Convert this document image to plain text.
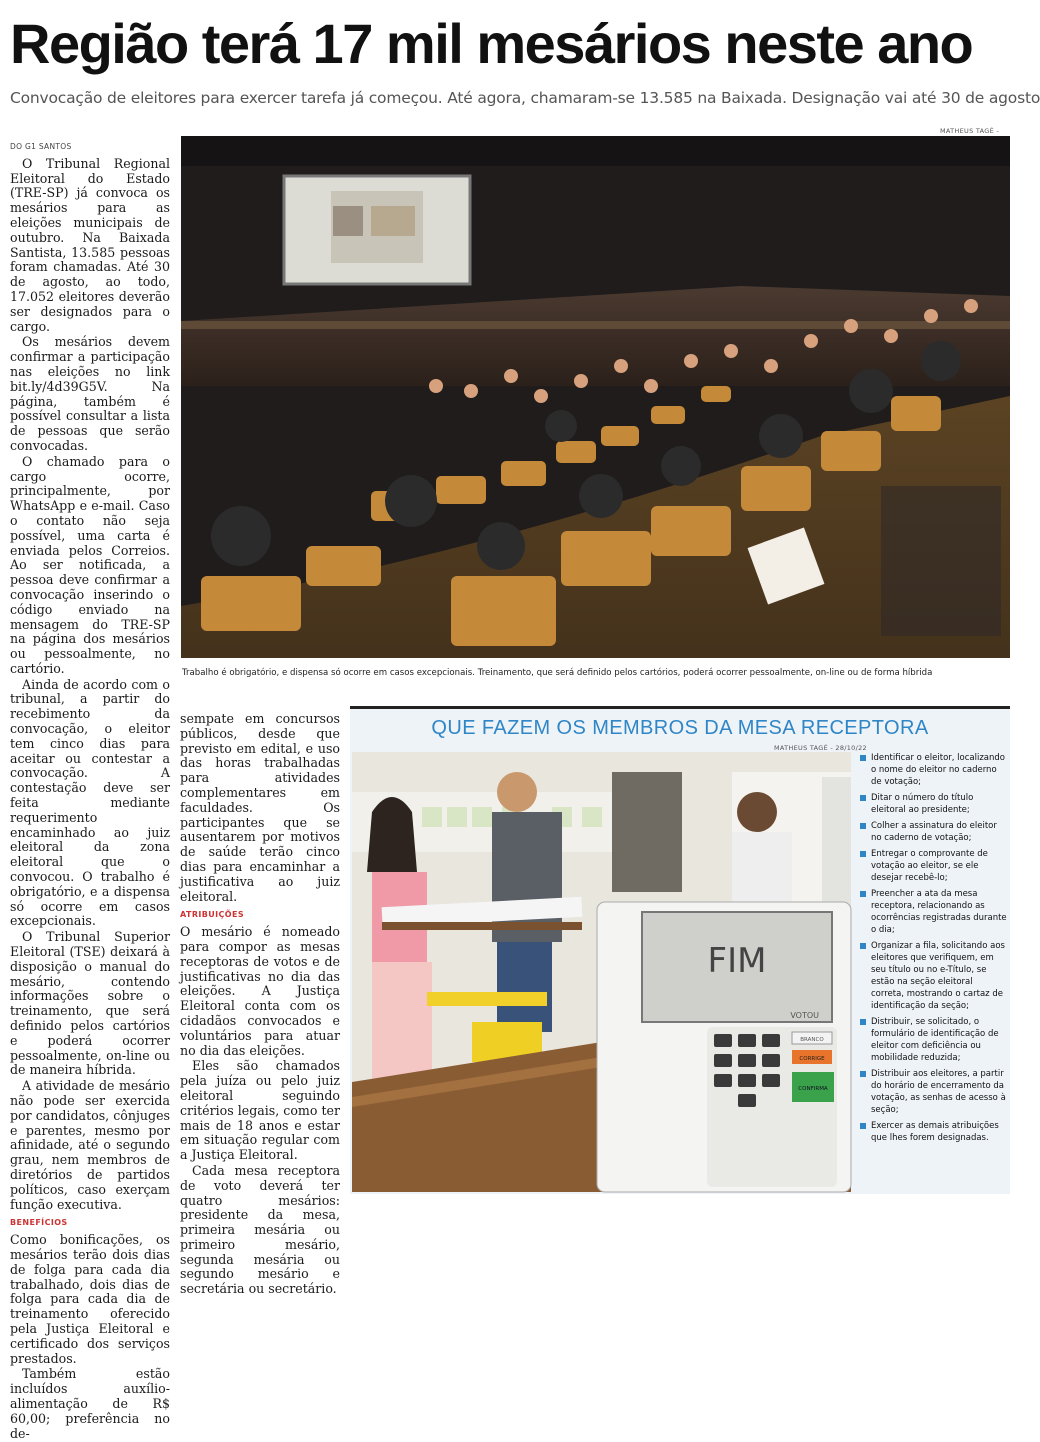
Região terá 17 mil mesários neste ano
Convocação de eleitores para exercer tarefa já começou. Até agora, chamaram-se 13.585 na Baixada. Designação vai até 30 de agosto
DO G1 SANTOS

O Tribunal Regional Eleitoral do Estado (TRE-SP) já convoca os mesários para as eleições municipais de outubro. Na Baixada Santista, 13.585 pessoas foram chamadas. Até 30 de agosto, ao todo, 17.052 eleitores deverão ser designados para o cargo.

Os mesários devem confirmar a participação nas eleições no link bit.ly/4d39G5V. Na página, também é possível consultar a lista de pessoas que serão convocadas.

O chamado para o cargo ocorre, principalmente, por WhatsApp e e-mail. Caso o contato não seja possível, uma carta é enviada pelos Correios. Ao ser notificada, a pessoa deve confirmar a convocação inserindo o código enviado na mensagem do TRE-SP na página dos mesários ou pessoalmente, no cartório.

Ainda de acordo com o tribunal, a partir do recebimento da convocação, o eleitor tem cinco dias para aceitar ou contestar a convocação. A contestação deve ser feita mediante requerimento encaminhado ao juiz eleitoral da zona eleitoral que o convocou. O trabalho é obrigatório, e a dispensa só ocorre em casos excepcionais.

O Tribunal Superior Eleitoral (TSE) deixará à disposição o manual do mesário, contendo informações sobre o treinamento, que será definido pelos cartórios e poderá ocorrer pessoalmente, on-line ou de maneira híbrida.

A atividade de mesário não pode ser exercida por candidatos, cônjuges e parentes, mesmo por afinidade, até o segundo grau, nem membros de diretórios de partidos políticos, caso exerçam função executiva.

BENEFÍCIOS

Como bonificações, os mesários terão dois dias de folga para cada dia trabalhado, dois dias de folga para cada dia de treinamento oferecido pela Justiça Eleitoral e certificado dos serviços prestados.

Também estão incluídos auxílio-alimentação de R$ 60,00; preferência no de-

MATHEUS TAGÉ -
Trabalho é obrigatório, e dispensa só ocorre em casos excepcionais. Treinamento, que será definido pelos cartórios, poderá ocorrer pessoalmente, on-line ou de forma híbrida

sempate em concursos públicos, desde que previsto em edital, e uso das horas trabalhadas para atividades complementares em faculdades. Os participantes que se ausentarem por motivos de saúde terão cinco dias para encaminhar a justificativa ao juiz eleitoral.

ATRIBUIÇÕES

O mesário é nomeado para compor as mesas receptoras de votos e de justificativas no dia das eleições. A Justiça Eleitoral conta com os cidadãos convocados e voluntários para atuar no dia das eleições.

Eles são chamados pela juíza ou pelo juiz eleitoral seguindo critérios legais, como ter mais de 18 anos e estar em situação regular com a Justiça Eleitoral.

Cada mesa receptora de voto deverá ter quatro mesários: presidente da mesa, primeira mesária ou primeiro mesário, segunda mesária ou segundo mesário e secretária ou secretário.

QUE FAZEM OS MEMBROS DA MESA RECEPTORA
MATHEUS TAGÉ - 28/10/22
FIM
VOTOU
BRANCO
CORRIGE
CONFIRMA
Identificar o eleitor, localizando o nome do eleitor no caderno de votação;
Ditar o número do título eleitoral ao presidente;
Colher a assinatura do eleitor no caderno de votação;
Entregar o comprovante de votação ao eleitor, se ele desejar recebê-lo;
Preencher a ata da mesa receptora, relacionando as ocorrências registradas durante o dia;
Organizar a fila, solicitando aos eleitores que verifiquem, em seu título ou no e-Título, se estão na seção eleitoral correta, mostrando o cartaz de identificação da seção;
Distribuir, se solicitado, o formulário de identificação de eleitor com deficiência ou mobilidade reduzida;
Distribuir aos eleitores, a partir do horário de encerramento da votação, as senhas de acesso à seção;
Exercer as demais atribuições que lhes forem designadas.
